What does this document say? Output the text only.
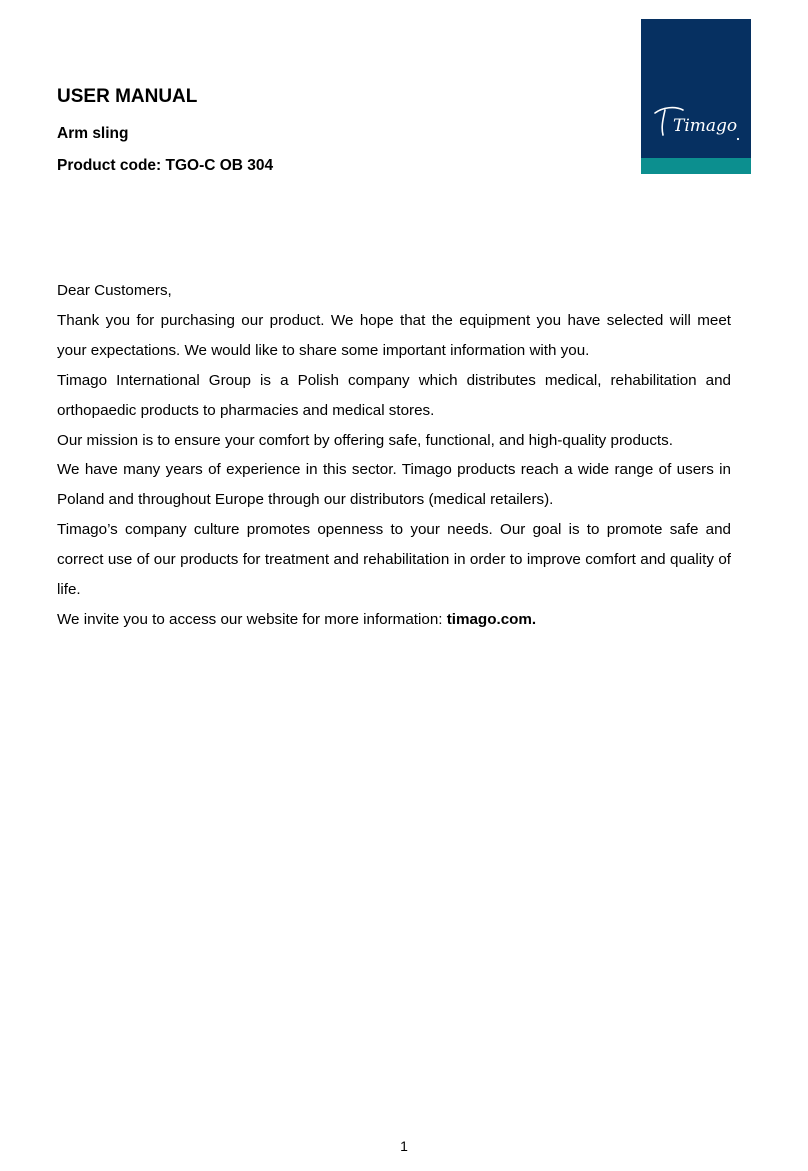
USER MANUAL
Arm sling
Product code: TGO-C OB 304
Timago

Dear Customers,

Thank you for purchasing our product. We hope that the equipment you have selected will meet your expectations. We would like to share some important information with you.

Timago International Group is a Polish company which distributes medical, rehabilitation and orthopaedic products to pharmacies and medical stores.

Our mission is to ensure your comfort by offering safe, functional, and high-quality products.

We have many years of experience in this sector. Timago products reach a wide range of users in Poland and throughout Europe through our distributors (medical retailers).

Timago’s company culture promotes openness to your needs. Our goal is to promote safe and correct use of our products for treatment and rehabilitation in order to improve comfort and quality of life.

We invite you to access our website for more information: timago.com.

1
